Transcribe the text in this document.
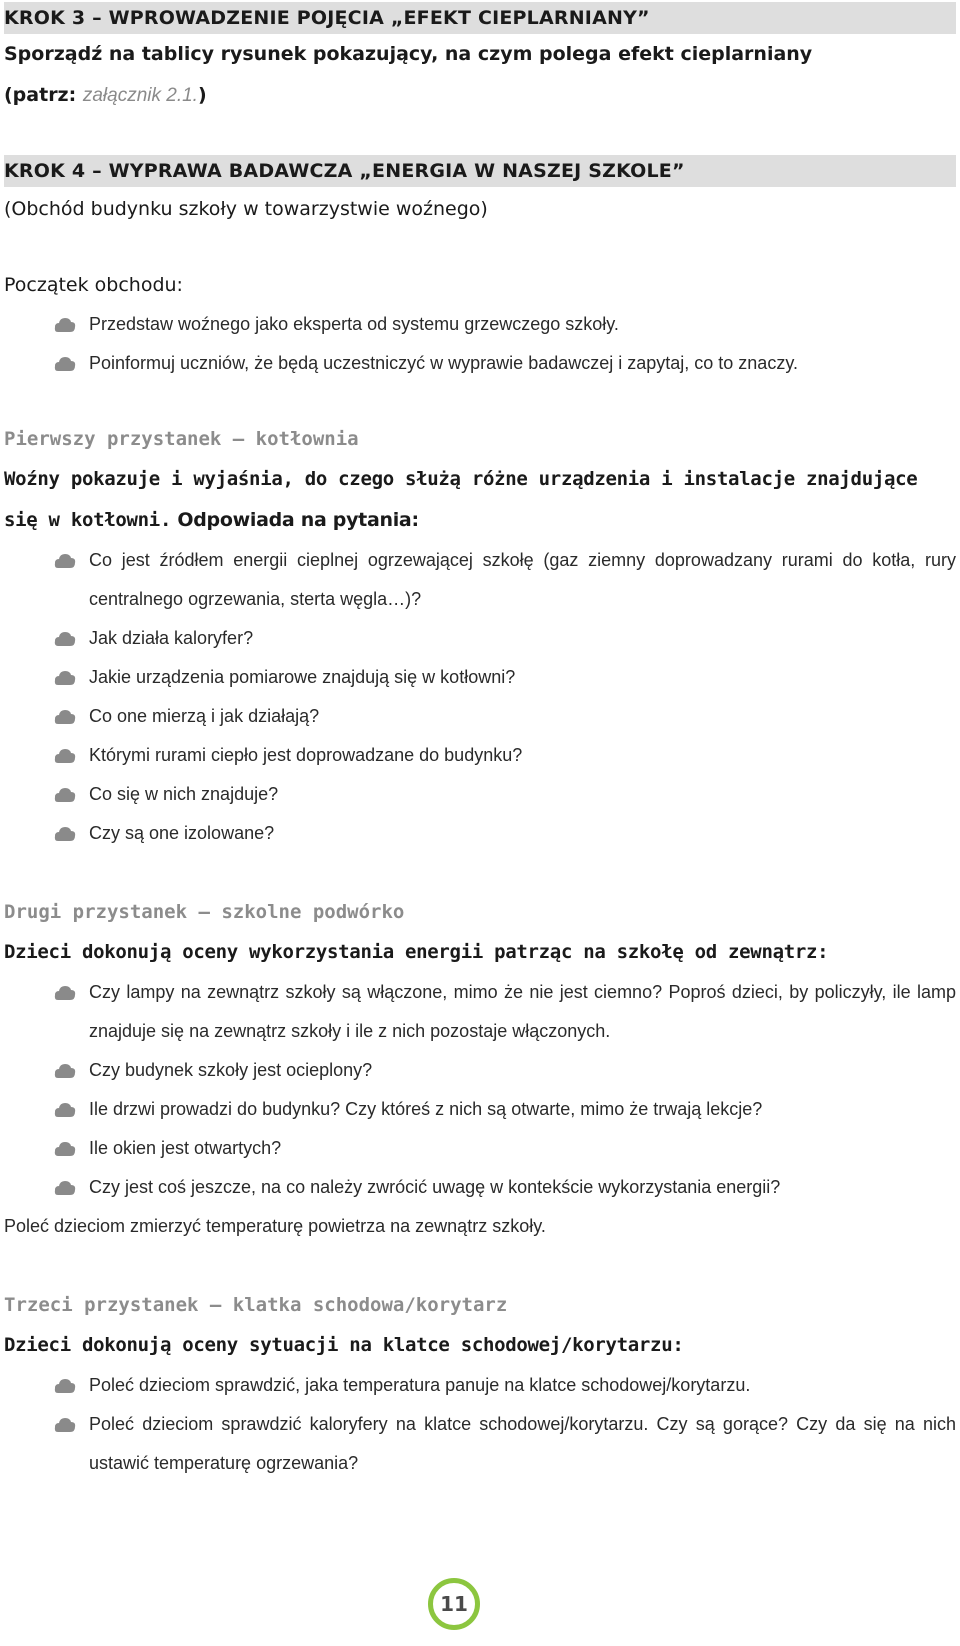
KROK 3 – WPROWADZENIE POJĘCIA „EFEKT CIEPLARNIANY”
Sporządź na tablicy rysunek pokazujący, na czym polega efekt cieplarniany
(patrz: załącznik 2.1.)
KROK 4 – WYPRAWA BADAWCZA „ENERGIA W NASZEJ SZKOLE”
(Obchód budynku szkoły w towarzystwie woźnego)
Początek obchodu:
Przedstaw woźnego jako eksperta od systemu grzewczego szkoły.
Poinformuj uczniów, że będą uczestniczyć w wyprawie badawczej i zapytaj, co to znaczy.
Pierwszy przystanek – kotłownia
Woźny pokazuje i wyjaśnia, do czego służą różne urządzenia i instalacje znajdujące się w kotłowni. Odpowiada na pytania:
Co jest źródłem energii cieplnej ogrzewającej szkołę (gaz ziemny doprowadzany rurami do kotła, rury centralnego ogrzewania, sterta węgla…)?
Jak działa kaloryfer?
Jakie urządzenia pomiarowe znajdują się w kotłowni?
Co one mierzą i jak działają?
Którymi rurami ciepło jest doprowadzane do budynku?
Co się w nich znajduje?
Czy są one izolowane?
Drugi przystanek – szkolne podwórko
Dzieci dokonują oceny wykorzystania energii patrząc na szkołę od zewnątrz:
Czy lampy na zewnątrz szkoły są włączone, mimo że nie jest ciemno? Poproś dzieci, by policzyły, ile lamp znajduje się na zewnątrz szkoły i ile z nich pozostaje włączonych.
Czy budynek szkoły jest ocieplony?
Ile drzwi prowadzi do budynku? Czy któreś z nich są otwarte, mimo że trwają lekcje?
Ile okien jest otwartych?
Czy jest coś jeszcze, na co należy zwrócić uwagę w kontekście wykorzystania energii?
Poleć dzieciom zmierzyć temperaturę powietrza na zewnątrz szkoły.
Trzeci przystanek – klatka schodowa/korytarz
Dzieci dokonują oceny sytuacji na klatce schodowej/korytarzu:
Poleć dzieciom sprawdzić, jaka temperatura panuje na klatce schodowej/korytarzu.
Poleć dzieciom sprawdzić kaloryfery na klatce schodowej/korytarzu. Czy są gorące? Czy da się na nich ustawić temperaturę ogrzewania?
11
